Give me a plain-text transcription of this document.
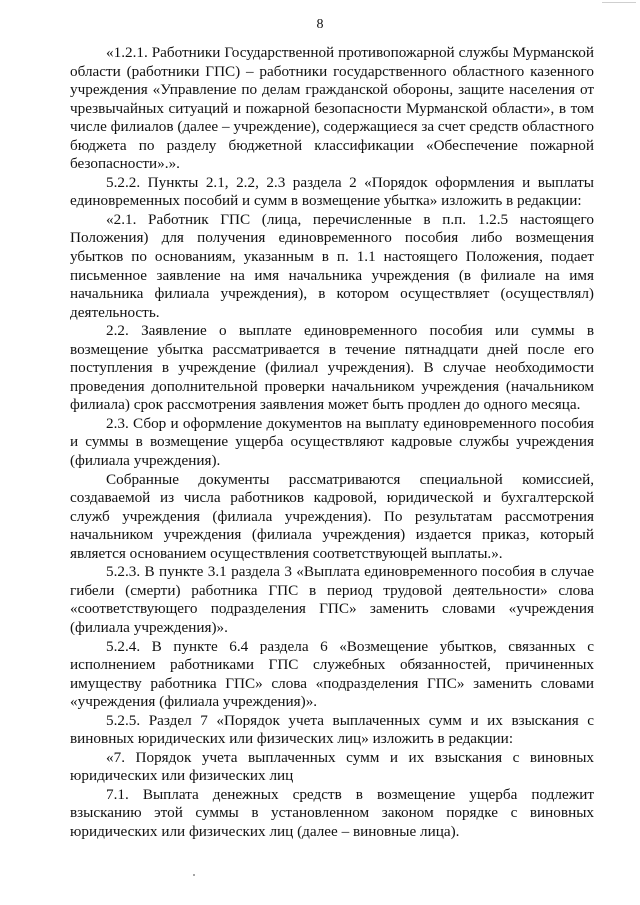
8

«1.2.1. Работники Государственной противопожарной службы Мурманской области (работники ГПС) – работники государственного областного казенного учреждения «Управление по делам гражданской обороны, защите населения от чрезвычайных ситуаций и пожарной безопасности Мурманской области», в том числе филиалов (далее – учреждение), содержащиеся за счет средств областного бюджета по разделу бюджетной классификации «Обеспечение пожарной безопасности».».

5.2.2. Пункты 2.1, 2.2, 2.3 раздела 2 «Порядок оформления и выплаты единовременных пособий и сумм в возмещение убытка» изложить в редакции:

«2.1. Работник ГПС (лица, перечисленные в п.п. 1.2.5 настоящего Положения) для получения единовременного пособия либо возмещения убытков по основаниям, указанным в п. 1.1 настоящего Положения, подает письменное заявление на имя начальника учреждения (в филиале на имя начальника филиала учреждения), в котором осуществляет (осуществлял) деятельность.

2.2. Заявление о выплате единовременного пособия или суммы в возмещение убытка рассматривается в течение пятнадцати дней после его поступления в учреждение (филиал учреждения). В случае необходимости проведения дополнительной проверки начальником учреждения (начальником филиала) срок рассмотрения заявления может быть продлен до одного месяца.

2.3. Сбор и оформление документов на выплату единовременного пособия и суммы в возмещение ущерба осуществляют кадровые службы учреждения (филиала учреждения).

Собранные документы рассматриваются специальной комиссией, создаваемой из числа работников кадровой, юридической и бухгалтерской служб учреждения (филиала учреждения). По результатам рассмотрения начальником учреждения (филиала учреждения) издается приказ, который является основанием осуществления соответствующей выплаты.».

5.2.3. В пункте 3.1 раздела 3 «Выплата единовременного пособия в случае гибели (смерти) работника ГПС в период трудовой деятельности» слова «соответствующего подразделения ГПС» заменить словами «учреждения (филиала учреждения)».

5.2.4. В пункте 6.4 раздела 6 «Возмещение убытков, связанных с исполнением работниками ГПС служебных обязанностей, причиненных имуществу работника ГПС» слова «подразделения ГПС» заменить словами «учреждения (филиала учреждения)».

5.2.5. Раздел 7 «Порядок учета выплаченных сумм и их взыскания с виновных юридических или физических лиц» изложить в редакции:

«7. Порядок учета выплаченных сумм и их взыскания с виновных юридических или физических лиц

7.1. Выплата денежных средств в возмещение ущерба подлежит взысканию этой суммы в установленном законом порядке с виновных юридических или физических лиц (далее – виновные лица).
